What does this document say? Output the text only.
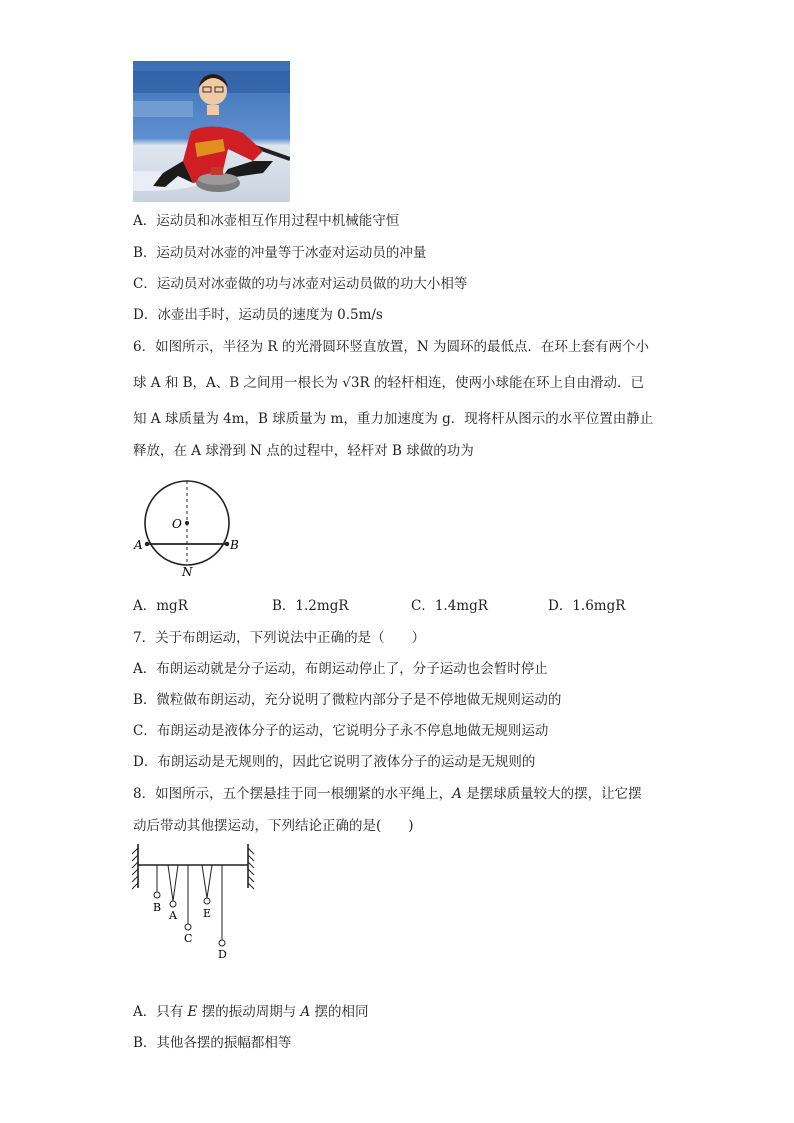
A．运动员和冰壶相互作用过程中机械能守恒
B．运动员对冰壶的冲量等于冰壶对运动员的冲量
C．运动员对冰壶做的功与冰壶对运动员做的功大小相等
D．冰壶出手时，运动员的速度为 0.5m/s
6．如图所示，半径为 R 的光滑圆环竖直放置，N 为圆环的最低点．在环上套有两个小
球 A 和 B，A、B 之间用一根长为 √3R 的轻杆相连，使两小球能在环上自由滑动．已
知 A 球质量为 4m，B 球质量为 m，重力加速度为 g．现将杆从图示的水平位置由静止
释放，在 A 球滑到 N 点的过程中，轻杆对 B 球做的功为
O
A	B
N
A．mgR	B．1.2mgR	C．1.4mgR	D．1.6mgR
7．关于布朗运动，下列说法中正确的是（　　）
A．布朗运动就是分子运动，布朗运动停止了，分子运动也会暂时停止
B．微粒做布朗运动，充分说明了微粒内部分子是不停地做无规则运动的
C．布朗运动是液体分子的运动，它说明分子永不停息地做无规则运动
D．布朗运动是无规则的，因此它说明了液体分子的运动是无规则的
8．如图所示，五个摆悬挂于同一根绷紧的水平绳上，A 是摆球质量较大的摆，让它摆
动后带动其他摆运动，下列结论正确的是(　　)
B
A
C
E
D
A．只有 E 摆的振动周期与 A 摆的相同
B．其他各摆的振幅都相等
